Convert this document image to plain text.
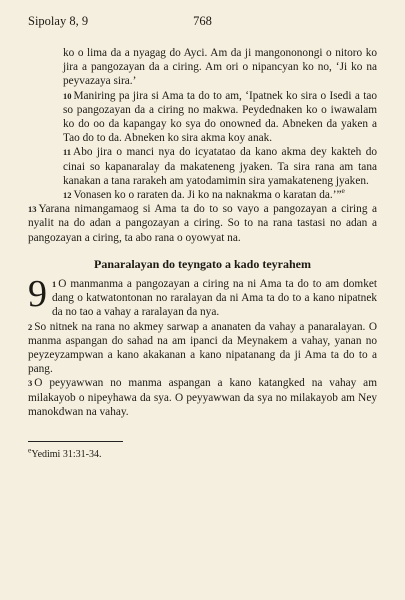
Sipolay 8, 9	768

ko o lima da a nyagag do Ayci. Am da ji mangononongi o nitoro ko jira a pangozayan da a ciring. Am ori o nipancyan ko no, ‘Ji ko na peyvazaya sira.’

10 Maniring pa jira si Ama ta do to am, ‘Ipatnek ko sira o Isedi a tao so pangozayan da a ciring no makwa. Peydednaken ko o iwawalam ko do oo da kapangay ko sya do onowned da. Abneken da yaken a Tao do to da. Abneken ko sira akma koy anak.

11 Abo jira o manci nya do icyatatao da kano akma dey kakteh do cinai so kapanaralay da makateneng jyaken. Ta sira rana am tana kanakan a tana rarakeh am yatodamimin sira yamakateneng jyaken.

12 Vonasen ko o raraten da. Ji ko na naknakma o karatan da.’”$^e$

13 Yarana nimangamaog si Ama ta do to so vayo a pangozayan a ciring a nyalit na do adan a pangozayan a ciring. So to na rana tastasi no adan a pangozayan a ciring, ta abo rana o oyowyat na.

Panaralayan do teyngato a kado teyrahem
9 1 O manmanma a pangozayan a ciring na ni Ama ta do to am domket dang o katwatontonan no raralayan da ni Ama ta do to a kano nipatnek da no tao a vahay a raralayan da nya.

2 So nitnek na rana no akmey sarwap a ananaten da vahay a panaralayan. O manma aspangan do sahad na am ipanci da Meynakem a vahay, yanan no peyzeyzampwan a kano akakanan a kano nipatanang da ji Ama ta do to a pang.

3 O peyyawwan no manma aspangan a kano katangked na vahay am milakayob o nipeyhawa da sya. O peyyawwan da sya no milakayob am Ney manokdwan na vahay.

$^e$Yedimi 31:31-34.
